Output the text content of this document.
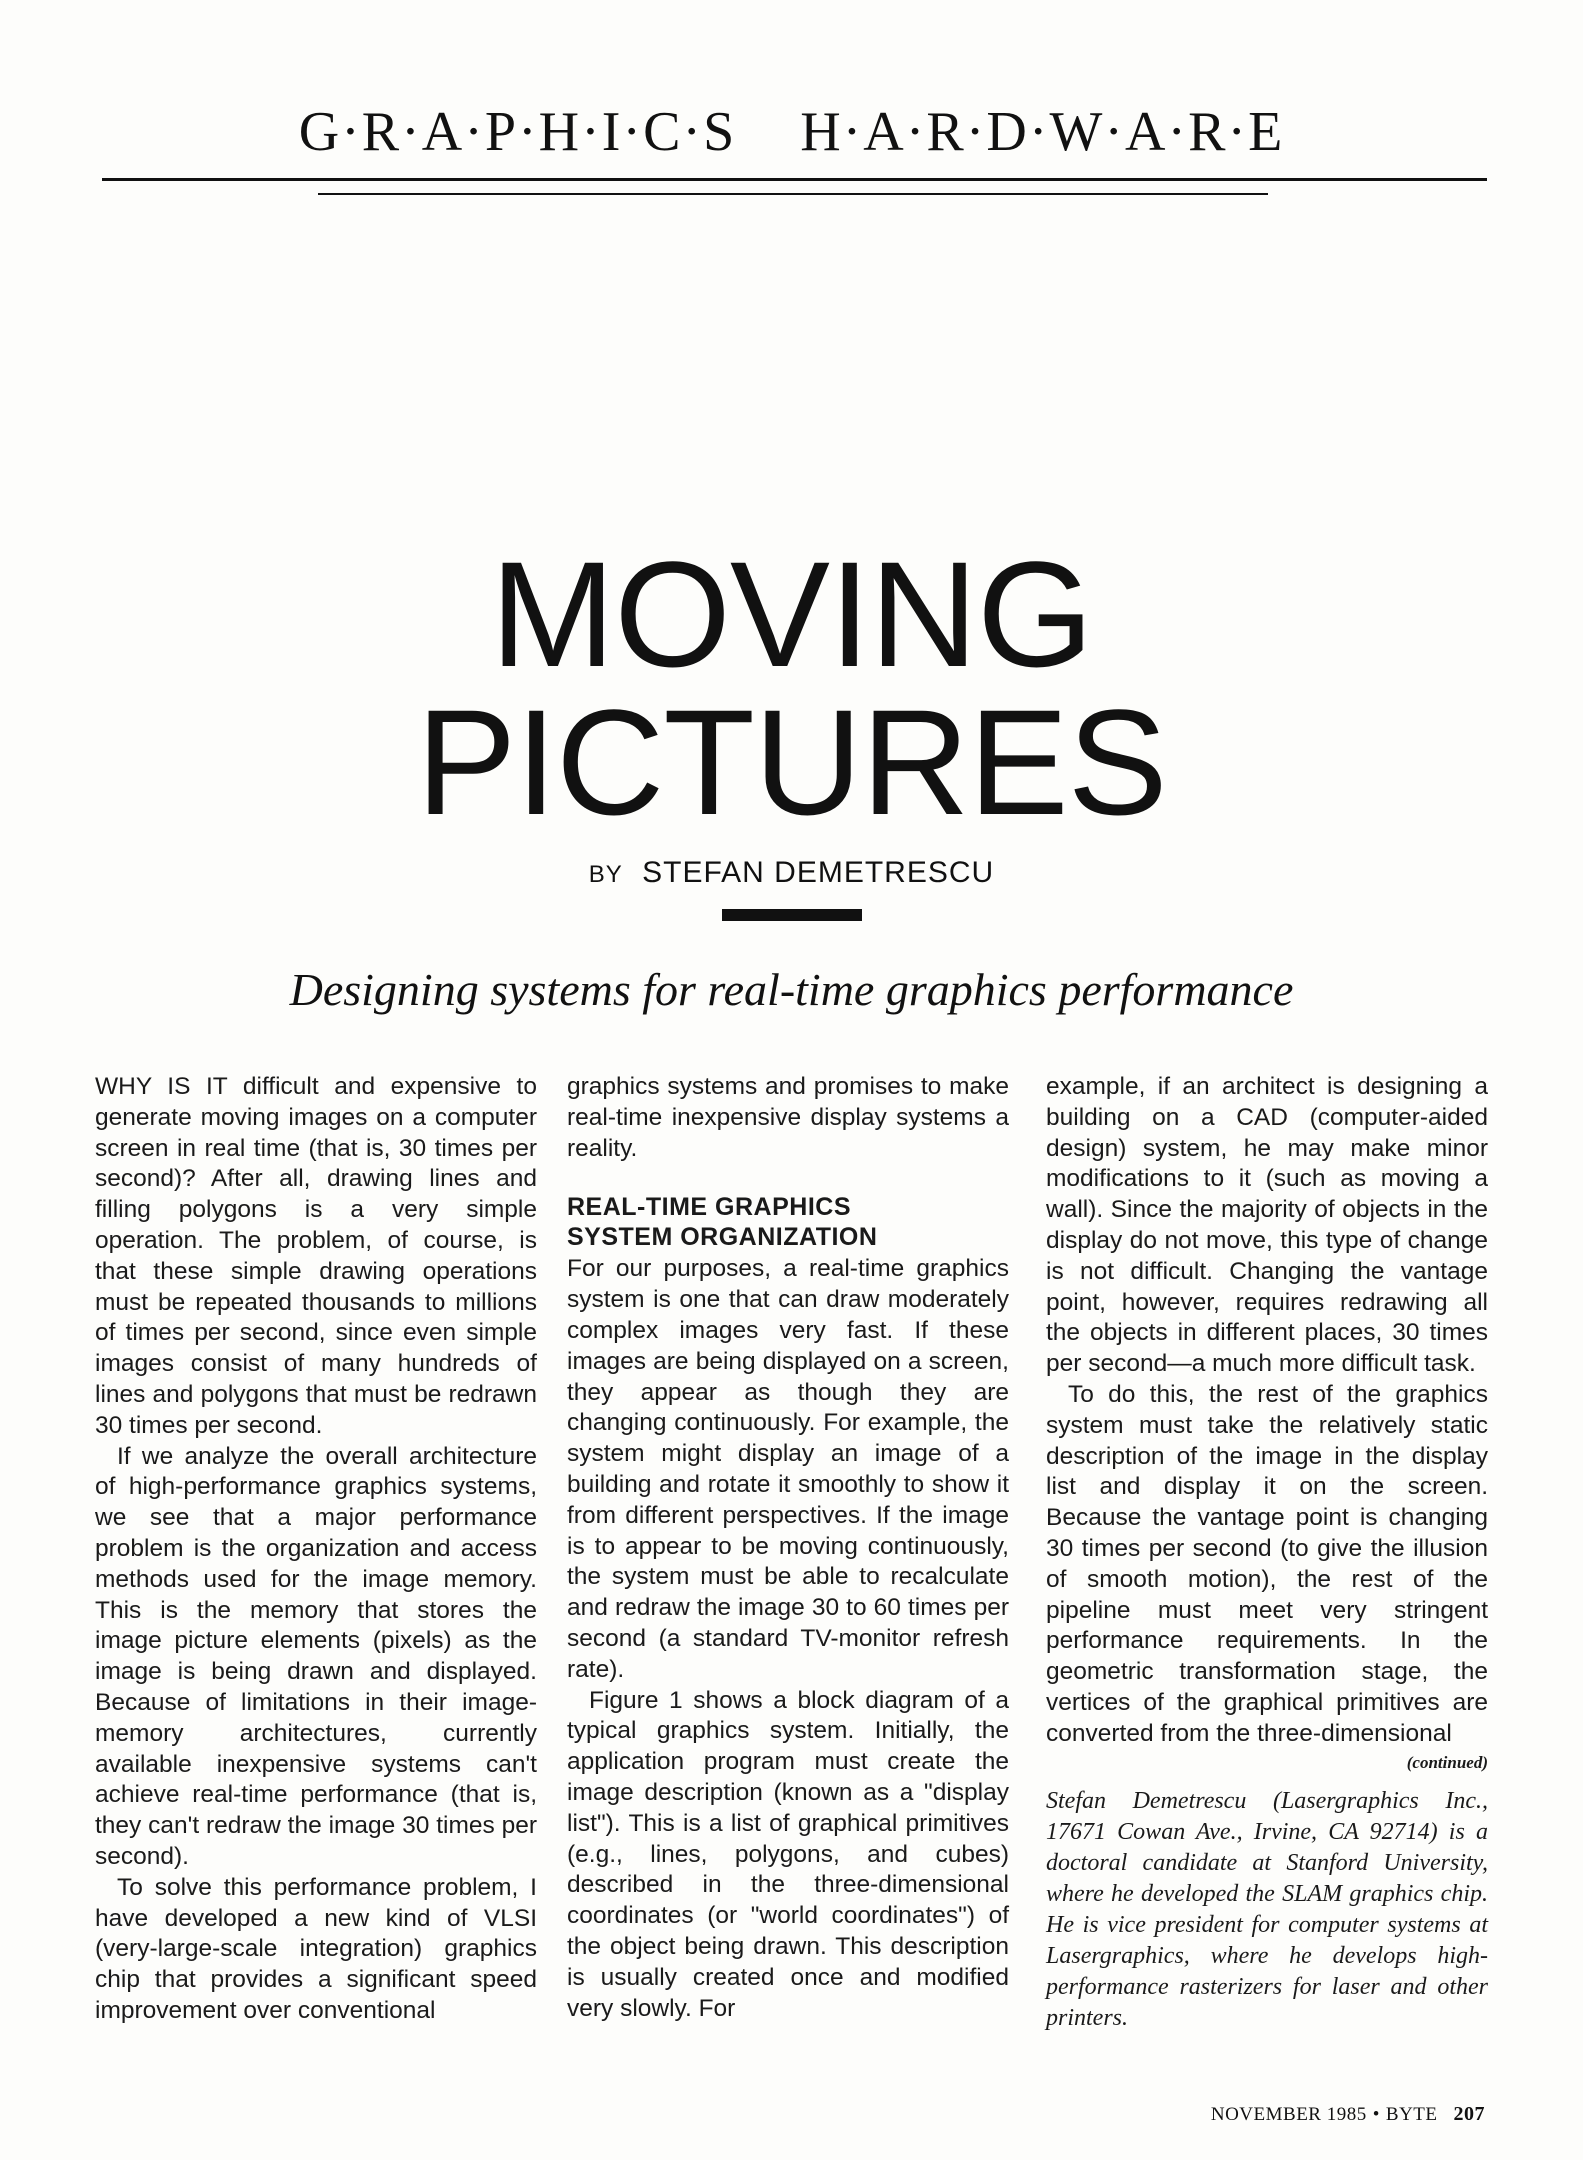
G·R·A·P·H·I·C·S H·A·R·D·W·A·R·E
MOVING
PICTURES
BY STEFAN DEMETRESCU
Designing systems for real-time graphics performance

WHY IS IT difficult and expensive to generate moving images on a computer screen in real time (that is, 30 times per second)? After all, drawing lines and filling polygons is a very simple operation. The problem, of course, is that these simple drawing operations must be repeated thousands to millions of times per second, since even simple images consist of many hundreds of lines and polygons that must be redrawn 30 times per second.

If we analyze the overall architecture of high-performance graphics systems, we see that a major performance problem is the organization and access methods used for the image memory. This is the memory that stores the image picture elements (pixels) as the image is being drawn and displayed. Because of limitations in their image-memory architectures, currently available inexpensive systems can't achieve real-time performance (that is, they can't redraw the image 30 times per second).

To solve this performance problem, I have developed a new kind of VLSI (very-large-scale integration) graphics chip that provides a significant speed improvement over conventional

graphics systems and promises to make real-time inexpensive display systems a reality.

REAL-TIME GRAPHICS
SYSTEM ORGANIZATION

For our purposes, a real-time graphics system is one that can draw moderately complex images very fast. If these images are being displayed on a screen, they appear as though they are changing continuously. For example, the system might display an image of a building and rotate it smoothly to show it from different perspectives. If the image is to appear to be moving continuously, the system must be able to recalculate and redraw the image 30 to 60 times per second (a standard TV-monitor refresh rate).

Figure 1 shows a block diagram of a typical graphics system. Initially, the application program must create the image description (known as a "display list"). This is a list of graphical primitives (e.g., lines, polygons, and cubes) described in the three-dimensional coordinates (or "world coordinates") of the object being drawn. This description is usually created once and modified very slowly. For

example, if an architect is designing a building on a CAD (computer-aided design) system, he may make minor modifications to it (such as moving a wall). Since the majority of objects in the display do not move, this type of change is not difficult. Changing the vantage point, however, requires redrawing all the objects in different places, 30 times per second—a much more difficult task.

To do this, the rest of the graphics system must take the relatively static description of the image in the display list and display it on the screen. Because the vantage point is changing 30 times per second (to give the illusion of smooth motion), the rest of the pipeline must meet very stringent performance requirements. In the geometric transformation stage, the vertices of the graphical primitives are converted from the three-dimensional

(continued)
Stefan Demetrescu (Lasergraphics Inc., 17671 Cowan Ave., Irvine, CA 92714) is a doctoral candidate at Stanford University, where he developed the SLAM graphics chip. He is vice president for computer systems at Lasergraphics, where he develops high-performance rasterizers for laser and other printers.
NOVEMBER 1985 • BYTE 207
